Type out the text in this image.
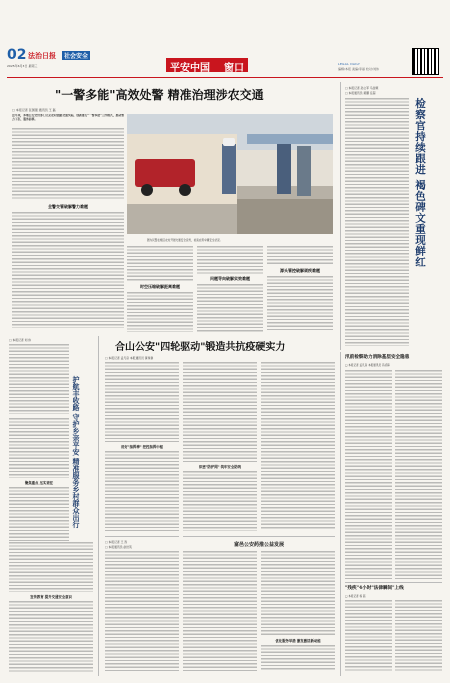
02 法治日报	社会安全
2025年6月3日 星期三	平安中国 窗口	LEGAL DAILY
编辑/本报 美编/李丽 校对/刘伟
"一警多能"高效处警 精准治理涉农交通
□ 本报记者 张国强 通讯员 王 磊
近年来，多地公安交管部门立足农村道路交通实际，创新推行"一警多能"工作模式，推动警力下沉、服务前移。
图为民警在辖区农村开展交通安全宣传，检查农用车辆安全状况。
时空压缩破解距离难题
问题导向破解实效难题
源头管控破解顽疾难题
全警交管破解警力难题
□ 本报记者 孙立军 马金顺
□ 本报通讯员 黄鹏 任超
检察官持续跟进 褐色碑文重现鲜红
□ 本报记者 刘 伟
护航丰收路 守护乡亲平安 精准服务乡村群众出行
聚焦重点 压实责任
宣传教育 提升交通安全意识
合山公安"四轮驱动"锻造共抗疫硬实力
□ 本报记者 孟凡彦 本报通讯员 黄和寨
用好"指挥棒" 把控指挥中枢
织密"防护网" 筑牢安全防线
□ 本报记者 王 涛
□ 本报通讯员 赵世英	富邑公安药推公益发展
优化服务举措 激发激活新动能
汛前检察助力消除基层安全隐患
□ 本报记者 孟凡彦 本报通讯员 冯延海
"残疾"4小时"法律瞬间"上线
□ 本报记者 杨 茜
